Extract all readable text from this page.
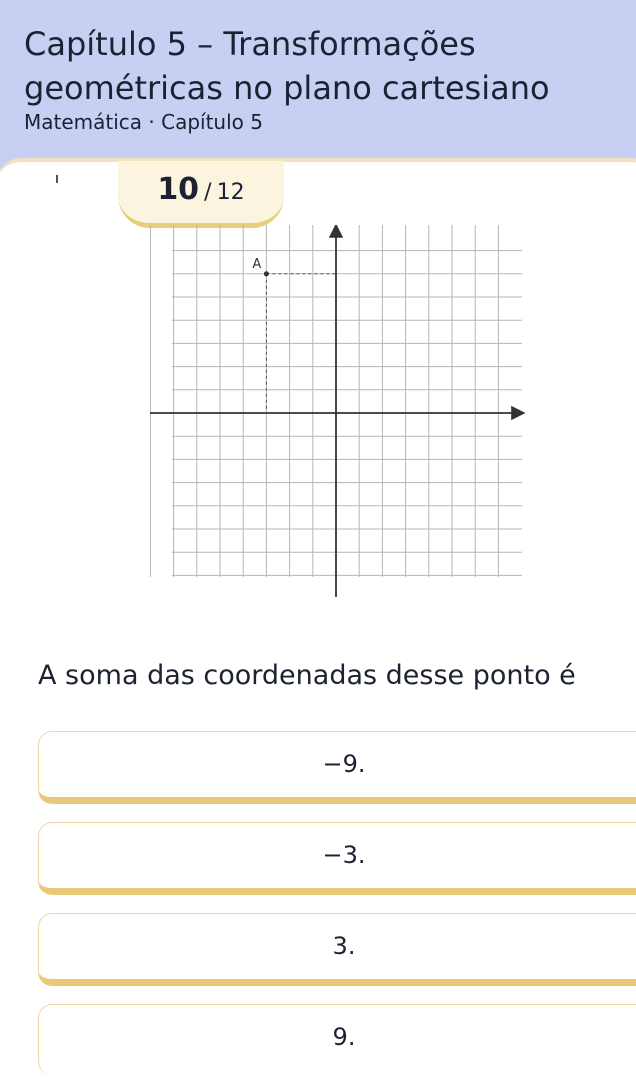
Capítulo 5 – Transformações geométricas no plano cartesiano
Matemática · Capítulo 5
10 / 12
A
A soma das coordenadas desse ponto é
−9.
−3.
3.
9.
